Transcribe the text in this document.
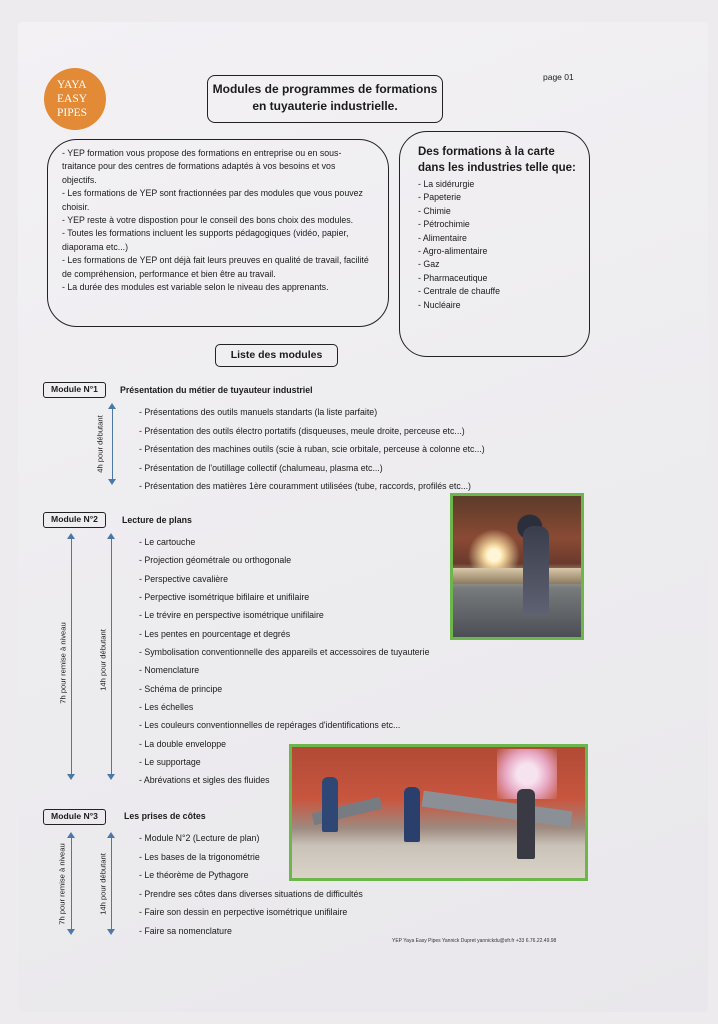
YAYA
EASY
PIPES
Modules de programmes de formations
en tuyauterie industrielle.
page 01

- YEP formation vous propose des formations en entreprise ou en sous-traitance pour des centres de formations adaptés à vos besoins et vos objectifs.

- Les formations de YEP sont fractionnées par des modules que vous pouvez choisir.

- YEP reste à votre dispostion pour le conseil des bons choix des modules.

- Toutes les formations incluent les supports pédagogiques (vidéo, papier, diaporama etc...)

- Les formations de YEP ont déjà fait leurs preuves en qualité de travail, facilité de compréhension, performance et bien être au travail.

- La durée des modules est variable selon le niveau des apprenants.

Des formations à la carte
dans les industries telle que:
- La sidérurgie
- Papeterie
- Chimie
- Pétrochimie
- Alimentaire
- Agro-alimentaire
- Gaz
- Pharmaceutique
- Centrale de chauffe
- Nucléaire
Liste des modules
Module N°1	Présentation du métier de tuyauteur industriel
4h pour débutant
- Présentations des outils manuels standarts (la liste parfaite)
- Présentation des outils électro portatifs (disqueuses, meule droite, perceuse etc...)
- Présentation des machines outils (scie à ruban, scie orbitale, perceuse à colonne etc...)
- Présentation de l'outillage collectif (chalumeau, plasma etc...)
- Présentation des matières 1ère couramment utilisées (tube, raccords, profilés etc...)
Module N°2	Lecture de plans
7h pour remise à niveau	14h pour débutant
- Le cartouche
- Projection géométrale ou orthogonale
- Perspective cavalière
- Perpective isométrique bifilaire et unifilaire
- Le trévire en perspective isométrique unifilaire
- Les pentes en pourcentage et degrés
- Symbolisation conventionnelle des appareils et accessoires de tuyauterie
- Nomenclature
- Schéma de principe
- Les échelles
- Les couleurs conventionnelles de repérages d'identifications etc...
- La double enveloppe
- Le supportage
- Abrévations et sigles des fluides
Module N°3	Les prises de côtes
7h pour remise à niveau	14h pour débutant
- Module N°2 (Lecture de plan)
- Les bases de la trigonométrie
- Le théorème de Pythagore
- Prendre ses côtes dans diverses situations de difficultés
- Faire son dessin en perpective isométrique unifilaire
- Faire sa nomenclature
YEP Yaya Easy Pipes Yannick Dupret yannickdu@sfr.fr +33 6.76.22.49.98
